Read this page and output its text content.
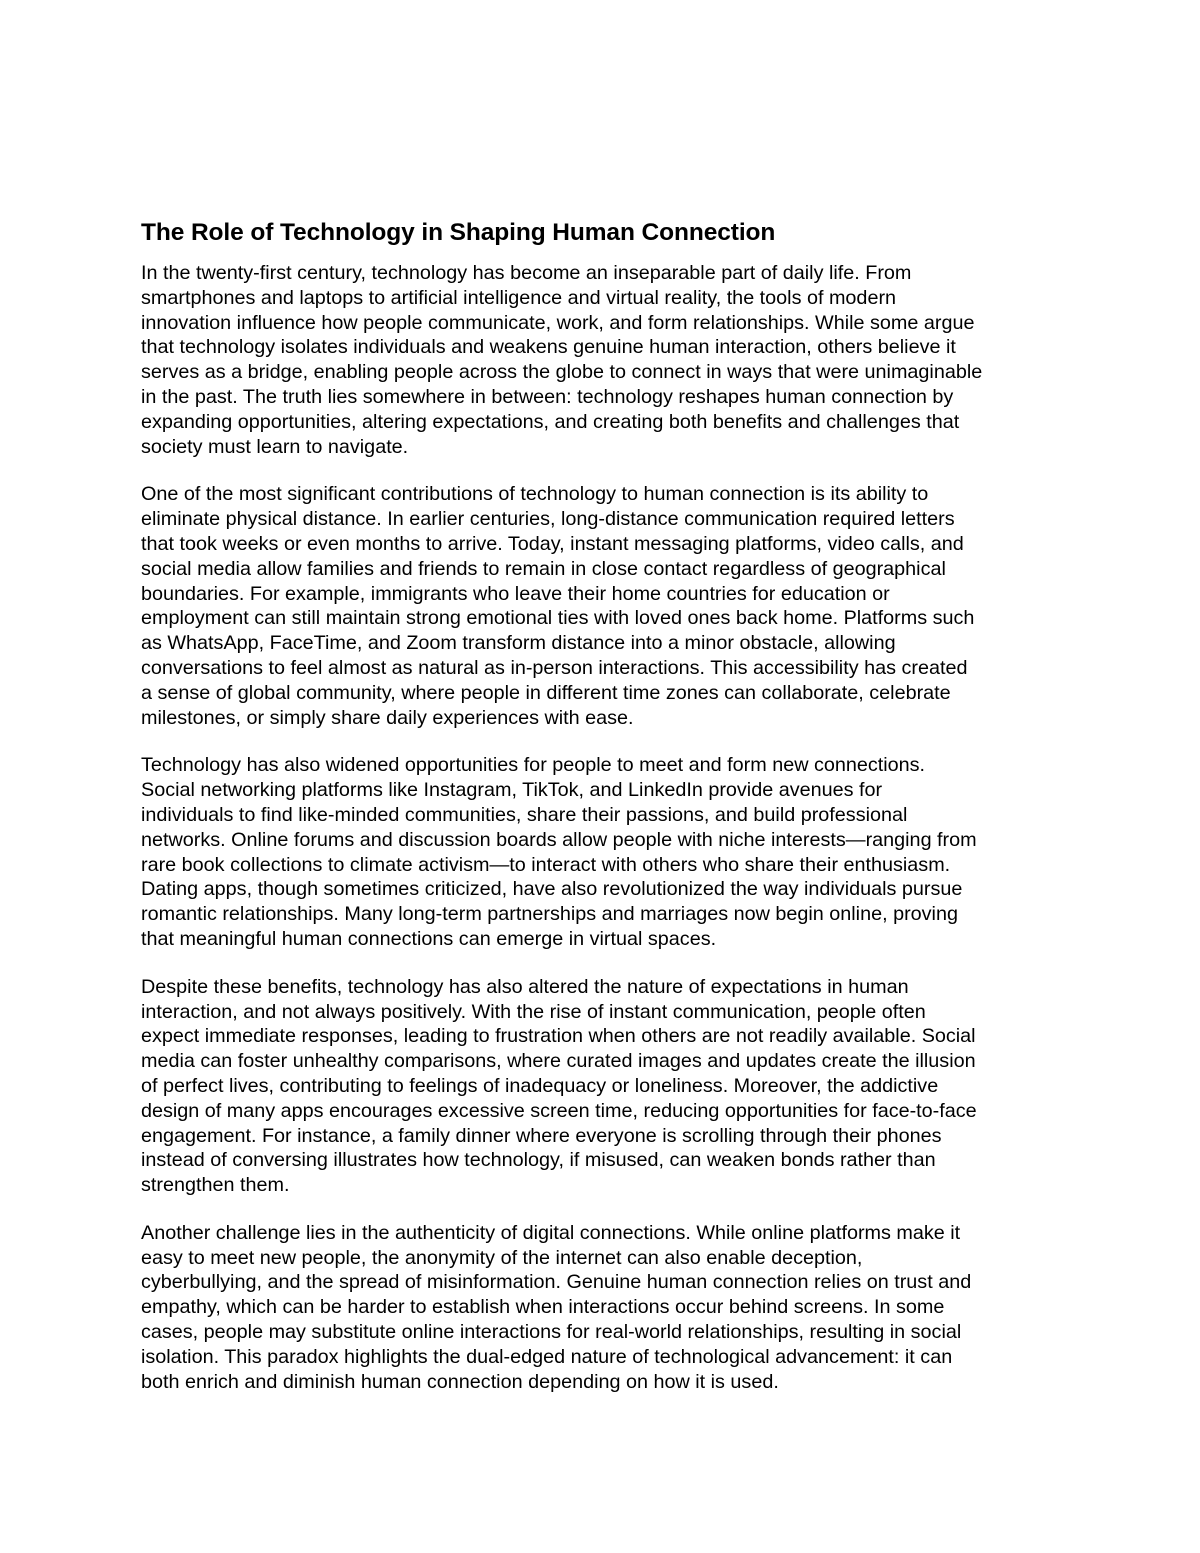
The Role of Technology in Shaping Human Connection

In the twenty-first century, technology has become an inseparable part of daily life. From
smartphones and laptops to artificial intelligence and virtual reality, the tools of modern
innovation influence how people communicate, work, and form relationships. While some argue
that technology isolates individuals and weakens genuine human interaction, others believe it
serves as a bridge, enabling people across the globe to connect in ways that were unimaginable
in the past. The truth lies somewhere in between: technology reshapes human connection by
expanding opportunities, altering expectations, and creating both benefits and challenges that
society must learn to navigate.

One of the most significant contributions of technology to human connection is its ability to
eliminate physical distance. In earlier centuries, long-distance communication required letters
that took weeks or even months to arrive. Today, instant messaging platforms, video calls, and
social media allow families and friends to remain in close contact regardless of geographical
boundaries. For example, immigrants who leave their home countries for education or
employment can still maintain strong emotional ties with loved ones back home. Platforms such
as WhatsApp, FaceTime, and Zoom transform distance into a minor obstacle, allowing
conversations to feel almost as natural as in-person interactions. This accessibility has created
a sense of global community, where people in different time zones can collaborate, celebrate
milestones, or simply share daily experiences with ease.

Technology has also widened opportunities for people to meet and form new connections.
Social networking platforms like Instagram, TikTok, and LinkedIn provide avenues for
individuals to find like-minded communities, share their passions, and build professional
networks. Online forums and discussion boards allow people with niche interests—ranging from
rare book collections to climate activism—to interact with others who share their enthusiasm.
Dating apps, though sometimes criticized, have also revolutionized the way individuals pursue
romantic relationships. Many long-term partnerships and marriages now begin online, proving
that meaningful human connections can emerge in virtual spaces.

Despite these benefits, technology has also altered the nature of expectations in human
interaction, and not always positively. With the rise of instant communication, people often
expect immediate responses, leading to frustration when others are not readily available. Social
media can foster unhealthy comparisons, where curated images and updates create the illusion
of perfect lives, contributing to feelings of inadequacy or loneliness. Moreover, the addictive
design of many apps encourages excessive screen time, reducing opportunities for face-to-face
engagement. For instance, a family dinner where everyone is scrolling through their phones
instead of conversing illustrates how technology, if misused, can weaken bonds rather than
strengthen them.

Another challenge lies in the authenticity of digital connections. While online platforms make it
easy to meet new people, the anonymity of the internet can also enable deception,
cyberbullying, and the spread of misinformation. Genuine human connection relies on trust and
empathy, which can be harder to establish when interactions occur behind screens. In some
cases, people may substitute online interactions for real-world relationships, resulting in social
isolation. This paradox highlights the dual-edged nature of technological advancement: it can
both enrich and diminish human connection depending on how it is used.
